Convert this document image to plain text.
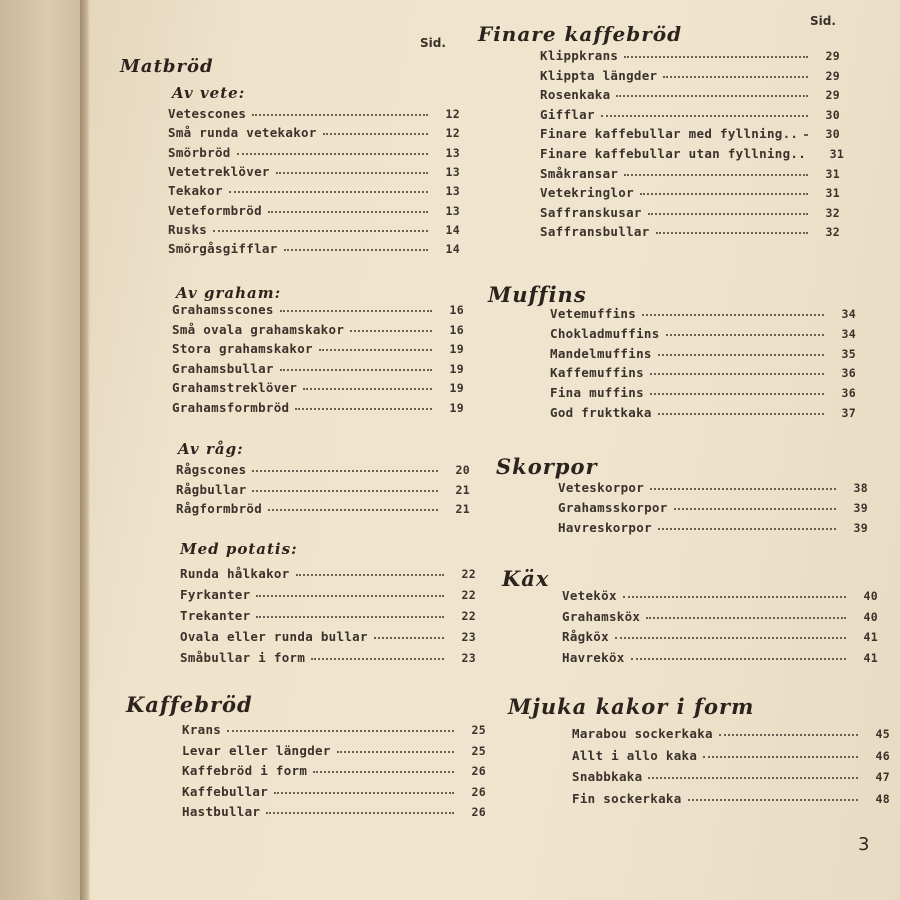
Sid.
Matbröd
Av vete:
Vetescones	12
Små runda vetekakor	12
Smörbröd	13
Vetetreklöver	13
Tekakor	13
Veteformbröd	13
Rusks	14
Smörgåsgifflar	14
Av graham:
Grahamsscones	16
Små ovala grahamskakor	16
Stora grahamskakor	19
Grahamsbullar	19
Grahamstreklöver	19
Grahamsformbröd	19
Av råg:
Rågscones	20
Rågbullar	21
Rågformbröd	21
Med potatis:
Runda hålkakor	22
Fyrkanter	22
Trekanter	22
Ovala eller runda bullar	23
Småbullar i form	23
Kaffebröd
Krans	25
Levar eller längder	25
Kaffebröd i form	26
Kaffebullar	26
Hastbullar	26
Finare kaffebröd
Sid.
Klippkrans	29
Klippta längder	29
Rosenkaka	29
Gifflar	30
Finare kaffebullar med fyllning..	30
Finare kaffebullar utan fyllning..	31
Småkransar	31
Vetekringlor	31
Saffranskusar	32
Saffransbullar	32
Muffins
Vetemuffins	34
Chokladmuffins	34
Mandelmuffins	35
Kaffemuffins	36
Fina muffins	36
God fruktkaka	37
Skorpor
Veteskorpor	38
Grahamsskorpor	39
Havreskorpor	39
Käx
Veteköx	40
Grahamsköx	40
Rågköx	41
Havreköx	41
Mjuka kakor i form
Marabou sockerkaka	45
Allt i allo kaka	46
Snabbkaka	47
Fin sockerkaka	48
3
